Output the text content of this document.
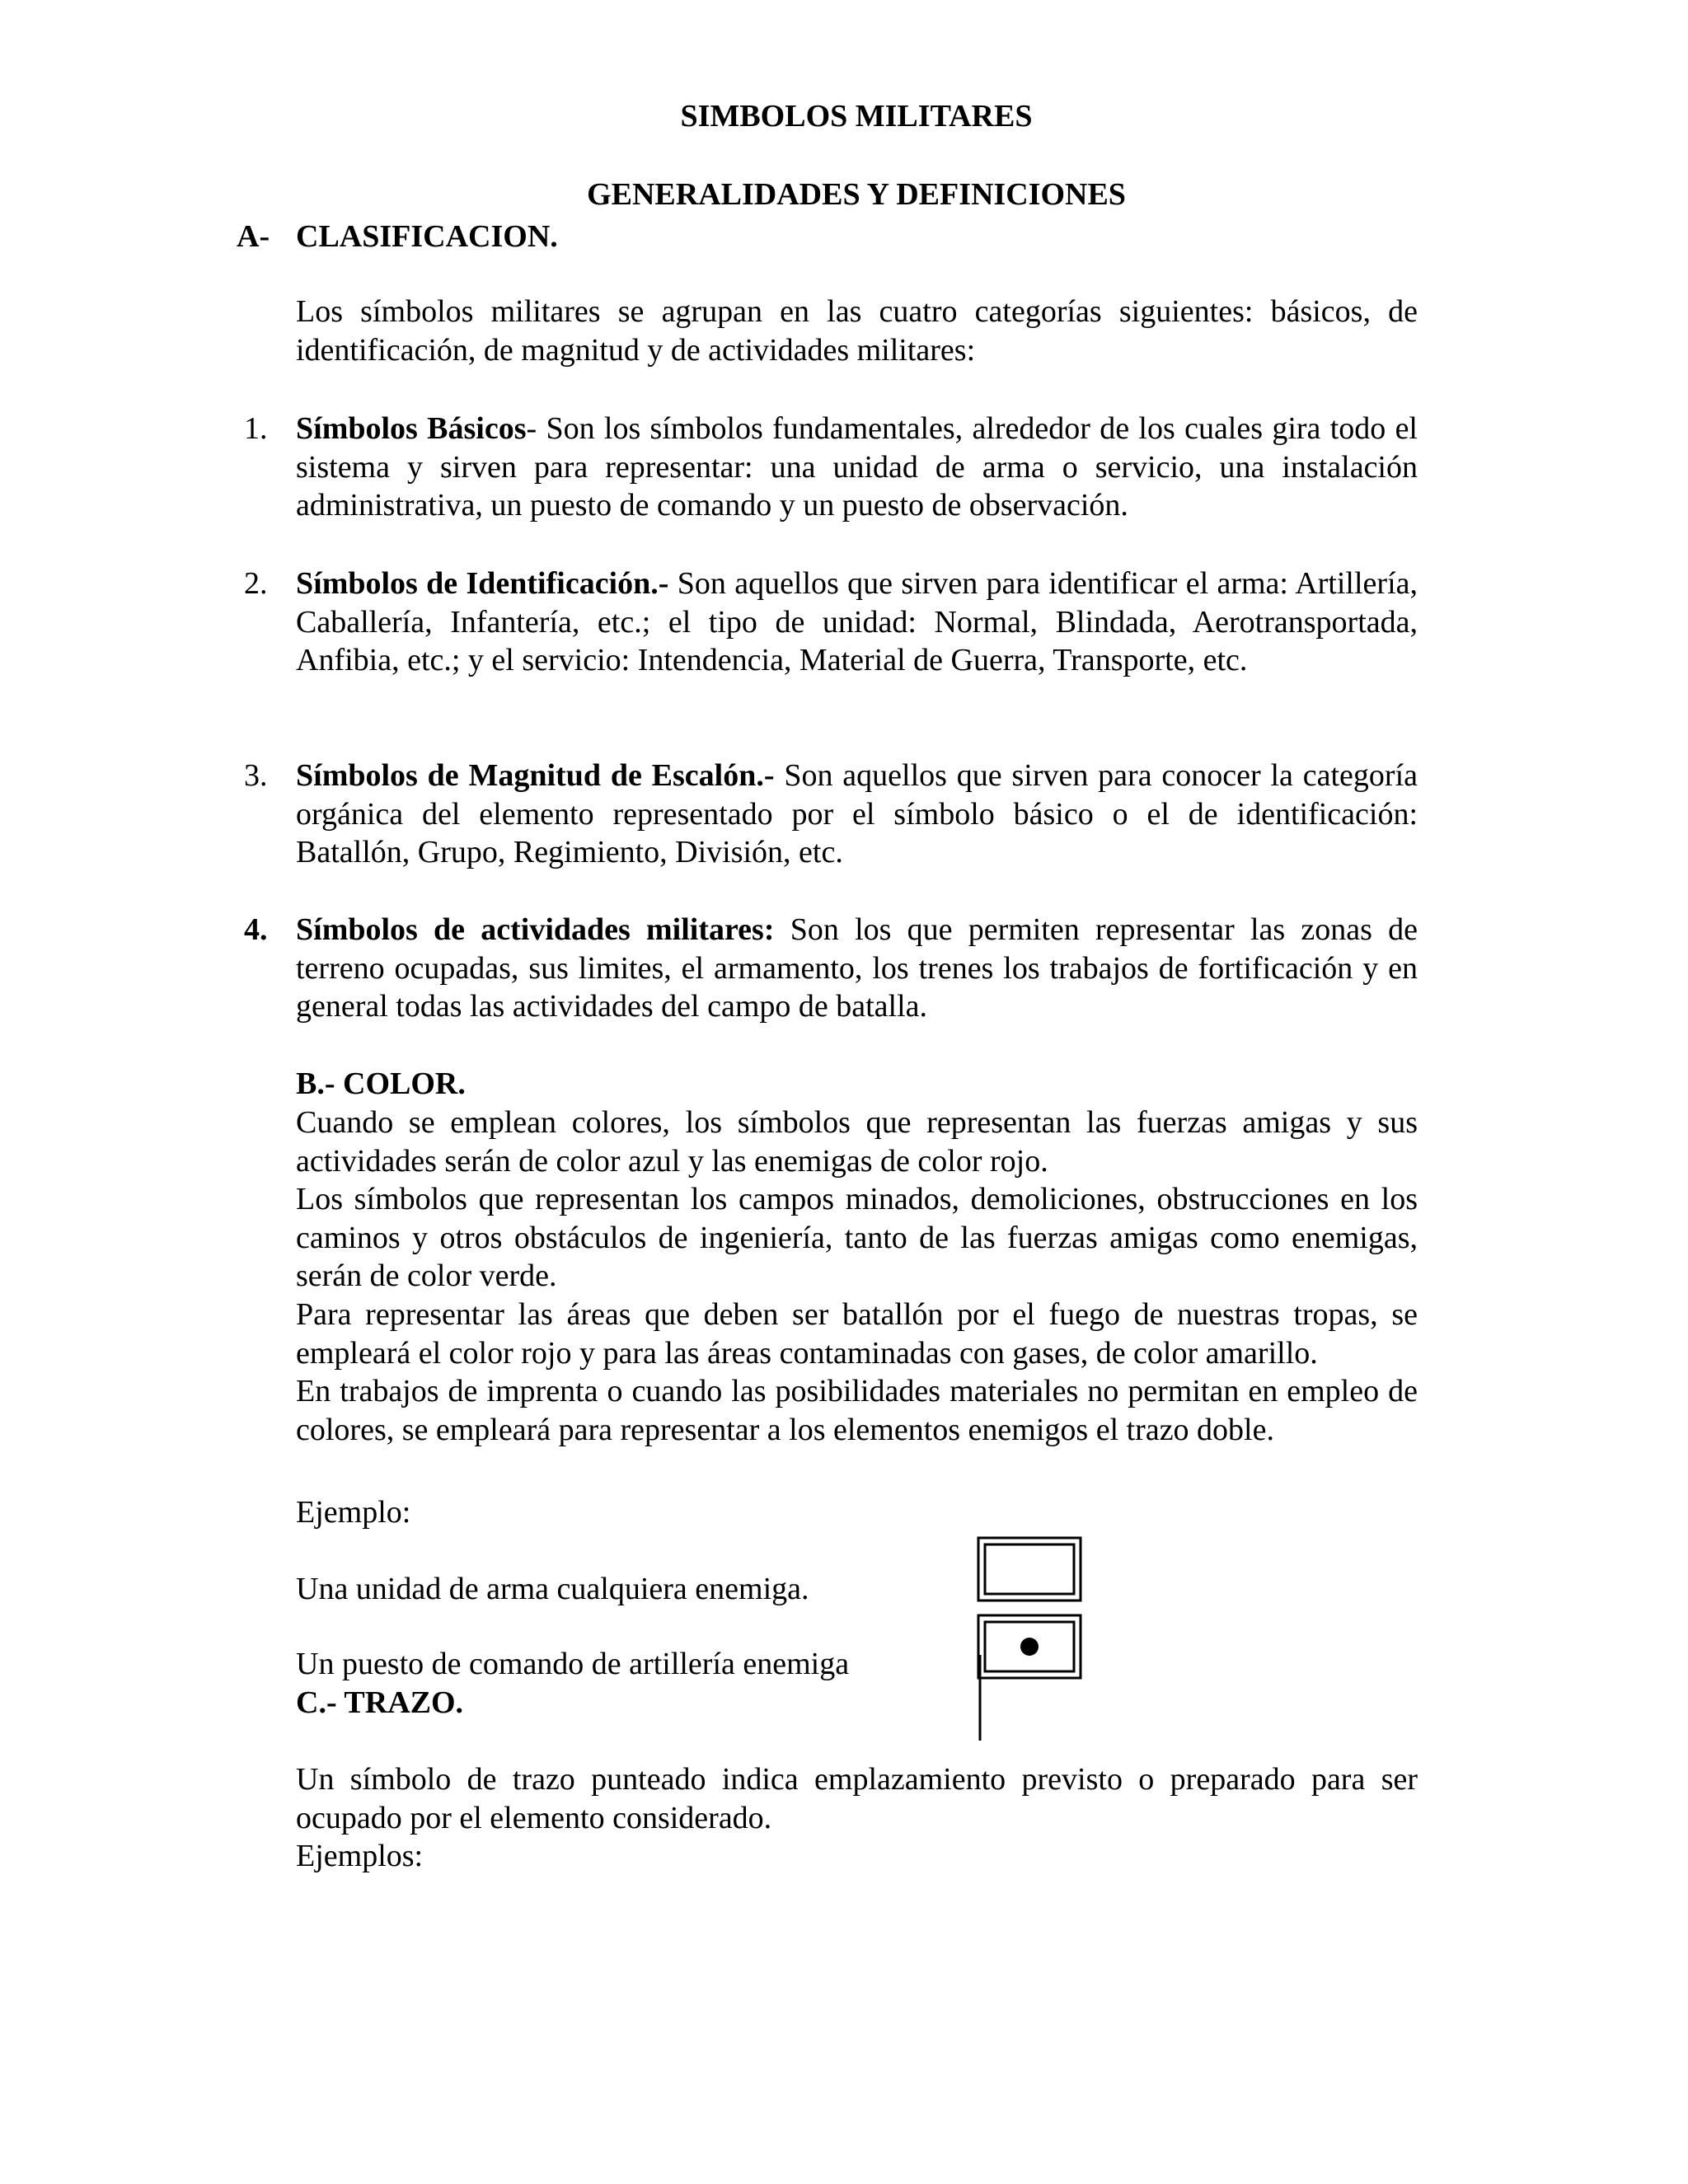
SIMBOLOS MILITARES
GENERALIDADES Y DEFINICIONES
A- CLASIFICACION.
Los símbolos militares se agrupan en las cuatro categorías siguientes: básicos, de identificación, de magnitud y de actividades militares:
1. Símbolos Básicos- Son los símbolos fundamentales, alrededor de los cuales gira todo el sistema y sirven para representar: una unidad de arma o servicio, una instalación administrativa, un puesto de comando y un puesto de observación.
2. Símbolos de Identificación.- Son aquellos que sirven para identificar el arma: Artillería, Caballería, Infantería, etc.; el tipo de unidad: Normal, Blindada, Aerotransportada, Anfibia, etc.; y el servicio: Intendencia, Material de Guerra, Transporte, etc.
3. Símbolos de Magnitud de Escalón.- Son aquellos que sirven para conocer la categoría orgánica del elemento representado por el símbolo básico o el de identificación: Batallón, Grupo, Regimiento, División, etc.
4. Símbolos de actividades militares: Son los que permiten representar las zonas de terreno ocupadas, sus limites, el armamento, los trenes los trabajos de fortificación y en general todas las actividades del campo de batalla.
B.- COLOR.
Cuando se emplean colores, los símbolos que representan las fuerzas amigas y sus actividades serán de color azul y las enemigas de color rojo.
Los símbolos que representan los campos minados, demoliciones, obstrucciones en los caminos y otros obstáculos de ingeniería, tanto de las fuerzas amigas como enemigas, serán de color verde.
Para representar las áreas que deben ser batallón por el fuego de nuestras tropas, se empleará el color rojo y para las áreas contaminadas con gases, de color amarillo.
En trabajos de imprenta o cuando las posibilidades materiales no permitan en empleo de colores, se empleará para representar a los elementos enemigos el trazo doble.
Ejemplo:
Una unidad de arma cualquiera enemiga.
Un puesto de comando de artillería enemiga
C.- TRAZO.
Un símbolo de trazo punteado indica emplazamiento previsto o preparado para ser ocupado por el elemento considerado.
Ejemplos:
